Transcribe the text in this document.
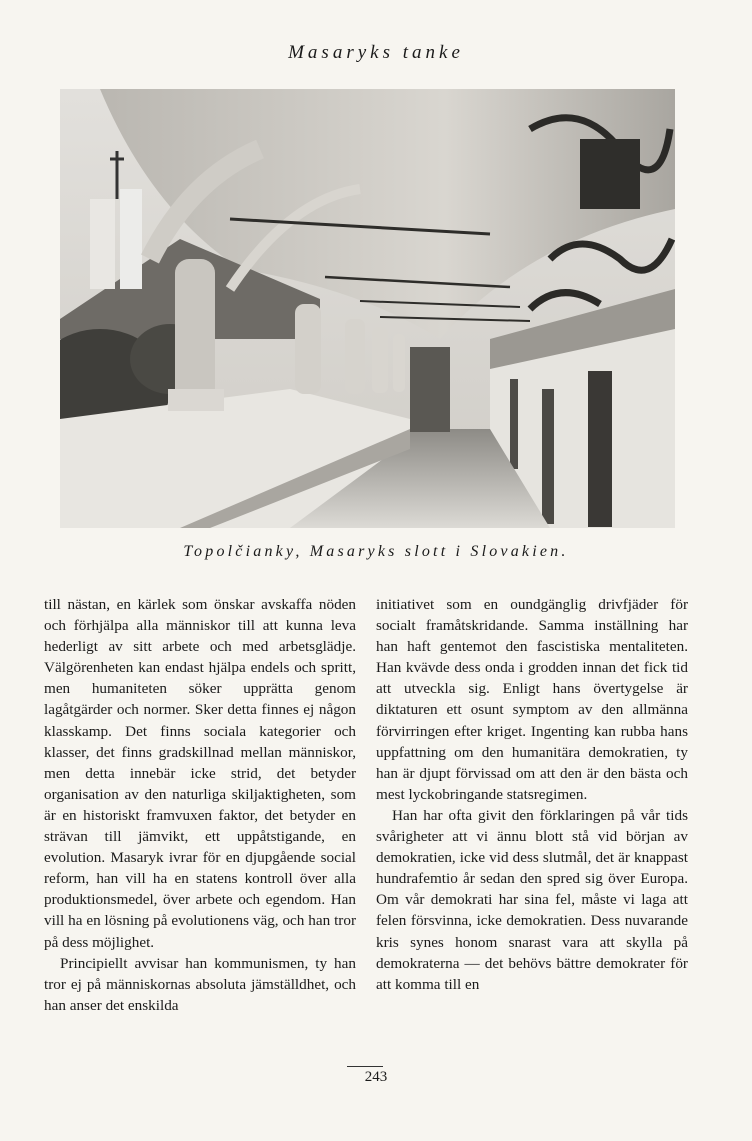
Masaryks tanke
Topolčianky, Masaryks slott i Slovakien.

till nästan, en kärlek som önskar avskaffa nöden och förhjälpa alla människor till att kunna leva hederligt av sitt arbete och med arbetsglädje. Välgörenheten kan endast hjälpa endels och spritt, men humaniteten söker upprätta genom lagåtgärder och normer. Sker detta finnes ej någon klasskamp. Det finns sociala kategorier och klasser, det finns gradskillnad mellan människor, men detta innebär icke strid, det betyder organisation av den naturliga skiljaktigheten, som är en historiskt framvuxen faktor, det betyder en strävan till jämvikt, ett uppåtstigande, en evolution. Masaryk ivrar för en djupgående social reform, han vill ha en statens kontroll över alla produktionsmedel, över arbete och egendom. Han vill ha en lösning på evolutionens väg, och han tror på dess möjlighet.

Principiellt avvisar han kommunismen, ty han tror ej på människornas absoluta jämställdhet, och han anser det enskilda

initiativet som en oundgänglig drivfjäder för socialt framåtskridande. Samma inställning har han haft gentemot den fascistiska mentaliteten. Han kvävde dess onda i grodden innan det fick tid att utveckla sig. Enligt hans övertygelse är diktaturen ett osunt symptom av den allmänna förvirringen efter kriget. Ingenting kan rubba hans uppfattning om den humanitära demokratien, ty han är djupt förvissad om att den är den bästa och mest lyckobringande statsregimen.

Han har ofta givit den förklaringen på vår tids svårigheter att vi ännu blott stå vid början av demokratien, icke vid dess slutmål, det är knappast hundrafemtio år sedan den spred sig över Europa. Om vår demokrati har sina fel, måste vi laga att felen försvinna, icke demokratien. Dess nuvarande kris synes honom snarast vara att skylla på demokraterna — det behövs bättre demokrater för att komma till en

243
